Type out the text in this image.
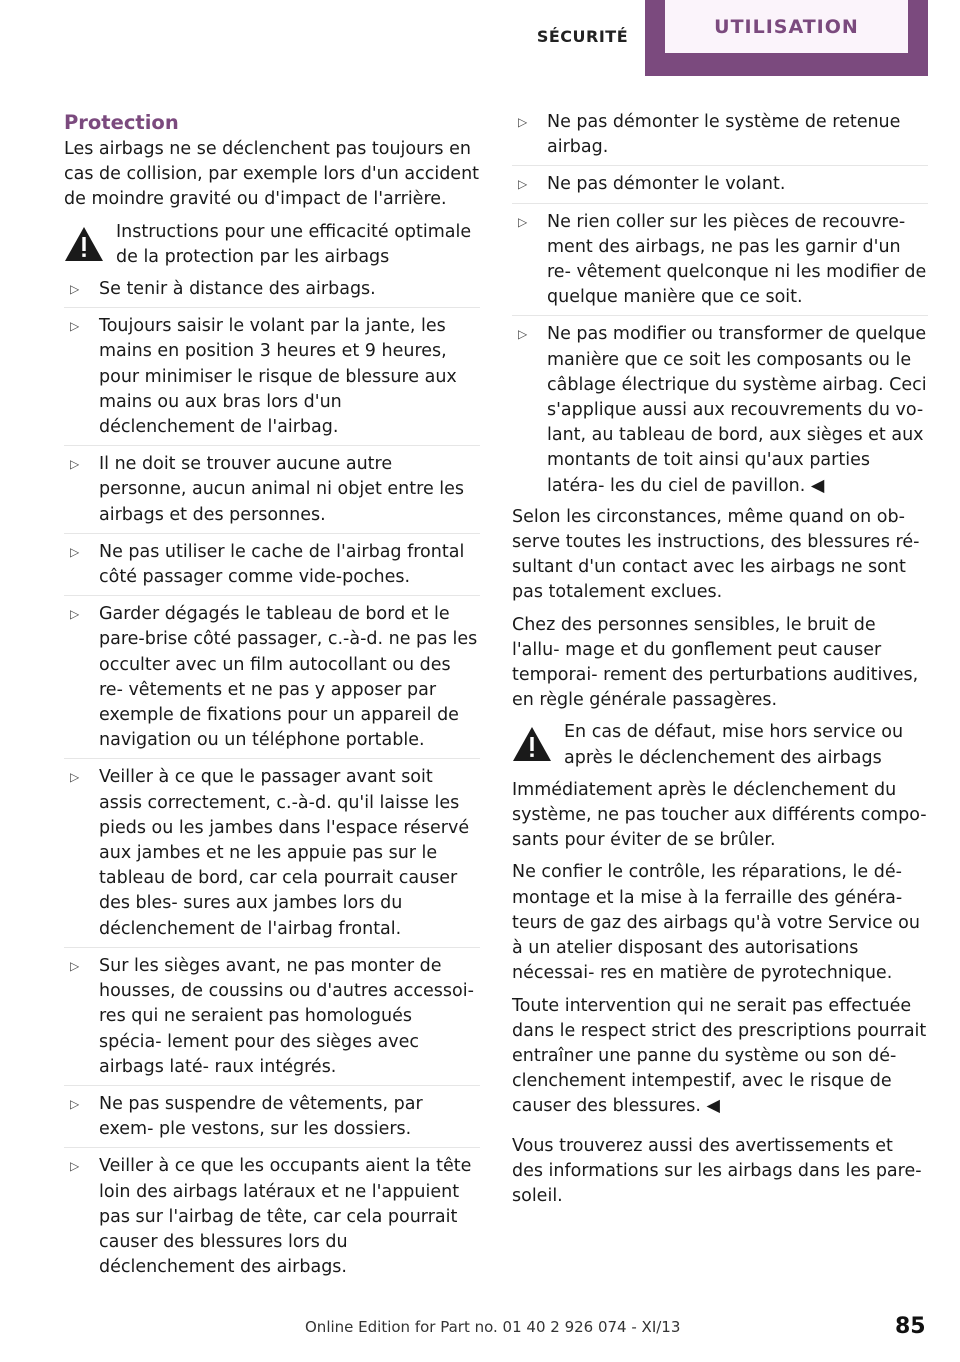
SÉCURITÉ	UTILISATION
Protection

Les airbags ne se déclenchent pas toujours en cas de collision, par exemple lors d'un accident de moindre gravité ou d'impact de l'arrière.

Instructions pour une efficacité optimale de la protection par les airbags
▷ Se tenir à distance des airbags.
▷ Toujours saisir le volant par la jante, les mains en position 3 heures et 9 heures, pour minimiser le risque de blessure aux mains ou aux bras lors d'un déclenchement de l'airbag.
▷ Il ne doit se trouver aucune autre personne, aucun animal ni objet entre les airbags et des personnes.
▷ Ne pas utiliser le cache de l'airbag frontal côté passager comme vide-poches.
▷ Garder dégagés le tableau de bord et le pare-brise côté passager, c.-à-d. ne pas les occulter avec un film autocollant ou des re- vêtements et ne pas y apposer par exemple de fixations pour un appareil de navigation ou un téléphone portable.
▷ Veiller à ce que le passager avant soit assis correctement, c.-à-d. qu'il laisse les pieds ou les jambes dans l'espace réservé aux jambes et ne les appuie pas sur le tableau de bord, car cela pourrait causer des bles- sures aux jambes lors du déclenchement de l'airbag frontal.
▷ Sur les sièges avant, ne pas monter de housses, de coussins ou d'autres accessoi- res qui ne seraient pas homologués spécia- lement pour des sièges avec airbags laté- raux intégrés.
▷ Ne pas suspendre de vêtements, par exem- ple vestons, sur les dossiers.
▷ Veiller à ce que les occupants aient la tête loin des airbags latéraux et ne l'appuient pas sur l'airbag de tête, car cela pourrait causer des blessures lors du déclenchement des airbags.
▷ Ne pas démonter le système de retenue airbag.
▷ Ne pas démonter le volant.
▷ Ne rien coller sur les pièces de recouvre- ment des airbags, ne pas les garnir d'un re- vêtement quelconque ni les modifier de quelque manière que ce soit.
▷ Ne pas modifier ou transformer de quelque manière que ce soit les composants ou le câblage électrique du système airbag. Ceci s'applique aussi aux recouvrements du vo- lant, au tableau de bord, aux sièges et aux montants de toit ainsi qu'aux parties latéra- les du ciel de pavillon. ◀

Selon les circonstances, même quand on ob- serve toutes les instructions, des blessures ré- sultant d'un contact avec les airbags ne sont pas totalement exclues.

Chez des personnes sensibles, le bruit de l'allu- mage et du gonflement peut causer temporai- rement des perturbations auditives, en règle générale passagères.

En cas de défaut, mise hors service ou après le déclenchement des airbags

Immédiatement après le déclenchement du système, ne pas toucher aux différents compo- sants pour éviter de se brûler.

Ne confier le contrôle, les réparations, le dé- montage et la mise à la ferraille des généra- teurs de gaz des airbags qu'à votre Service ou à un atelier disposant des autorisations nécessai- res en matière de pyrotechnique.

Toute intervention qui ne serait pas effectuée dans le respect strict des prescriptions pourrait entraîner une panne du système ou son dé- clenchement intempestif, avec le risque de causer des blessures. ◀

Vous trouverez aussi des avertissements et des informations sur les airbags dans les pare-soleil.

Online Edition for Part no. 01 40 2 926 074 - XI/13	85
